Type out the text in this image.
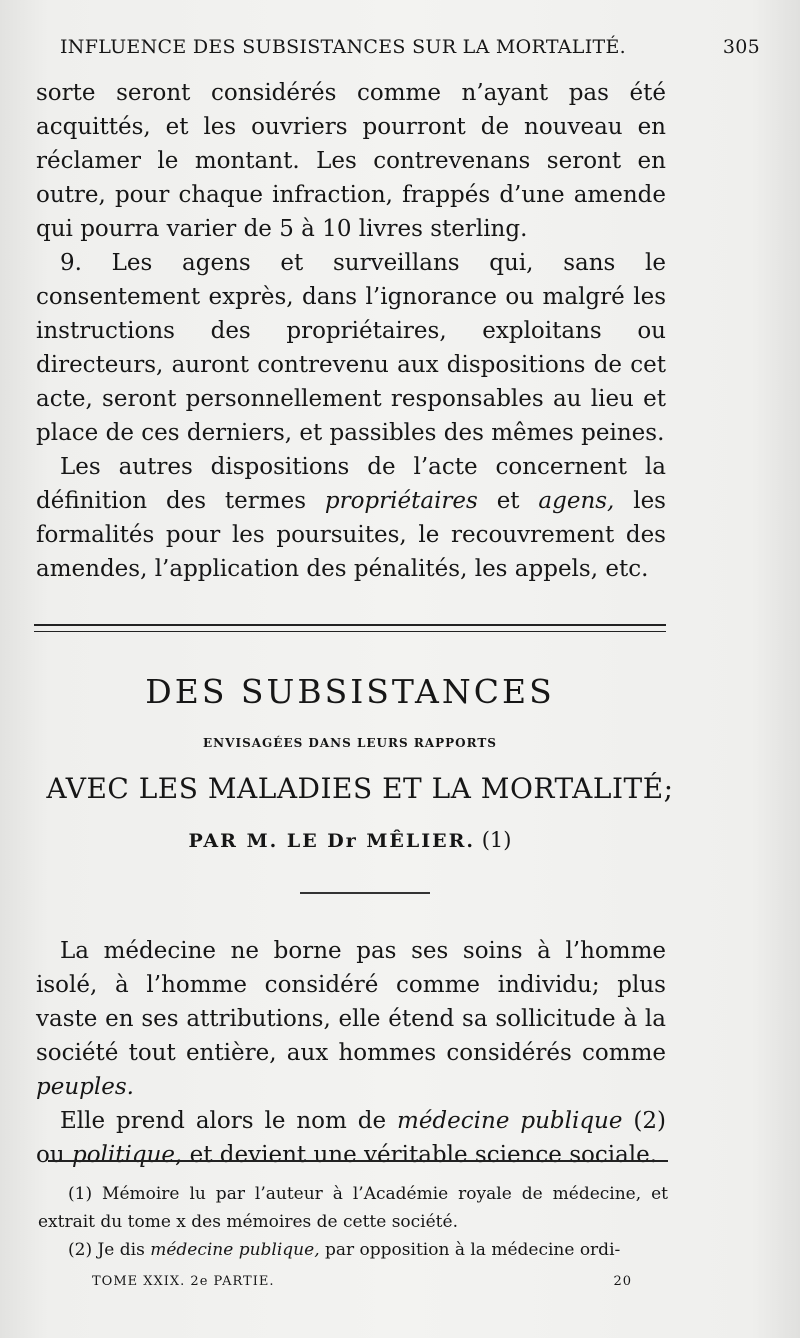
INFLUENCE DES SUBSISTANCES SUR LA MORTALITÉ.	305

sorte seront considérés comme n’ayant pas été acquittés, et les ouvriers pourront de nouveau en réclamer le montant. Les contrevenans seront en outre, pour chaque infraction, frappés d’une amende qui pourra varier de 5 à 10 livres sterling.

9. Les agens et surveillans qui, sans le consentement exprès, dans l’ignorance ou malgré les instructions des propriétaires, exploitans ou directeurs, auront contrevenu aux dispositions de cet acte, seront personnellement responsables au lieu et place de ces derniers, et passibles des mêmes peines.

Les autres dispositions de l’acte concernent la définition des termes propriétaires et agens, les formalités pour les poursuites, le recouvrement des amendes, l’application des pénalités, les appels, etc.

DES SUBSISTANCES
ENVISAGÉES DANS LEURS RAPPORTS
AVEC LES MALADIES ET LA MORTALITÉ;
PAR M. LE Dr MÊLIER. (1)

La médecine ne borne pas ses soins à l’homme isolé, à l’homme considéré comme individu; plus vaste en ses attributions, elle étend sa sollicitude à la société tout entière, aux hommes considérés comme peuples.

Elle prend alors le nom de médecine publique (2) ou politique, et devient une véritable science sociale.

(1) Mémoire lu par l’auteur à l’Académie royale de médecine, et extrait du tome x des mémoires de cette société.

(2) Je dis médecine publique, par opposition à la médecine ordi-

TOME XXIX. 2e PARTIE.	20
